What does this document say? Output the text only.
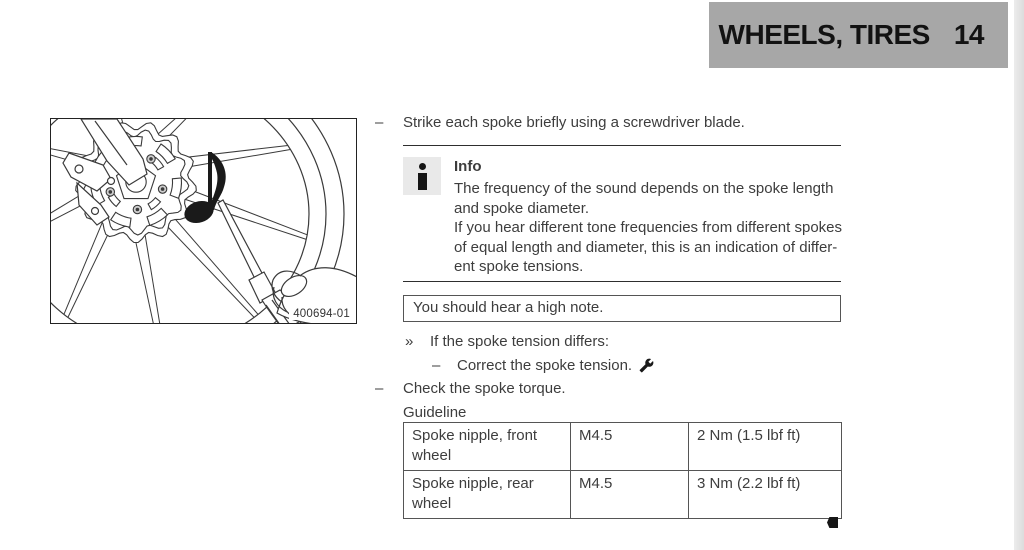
WHEELS, TIRES 14
400694-01
–	Strike each spoke briefly using a screwdriver blade.
Info
The frequency of the sound depends on the spoke length
and spoke diameter.
If you hear different tone frequencies from different spokes
of equal length and diameter, this is an indication of differ-
ent spoke tensions.
You should hear a high note.
»	If the spoke tension differs:
–	Correct the spoke tension.
–	Check the spoke torque.
Guideline
Spoke nipple, front wheel	M4.5	2 Nm (1.5 lbf ft)
Spoke nipple, rear wheel	M4.5	3 Nm (2.2 lbf ft)
